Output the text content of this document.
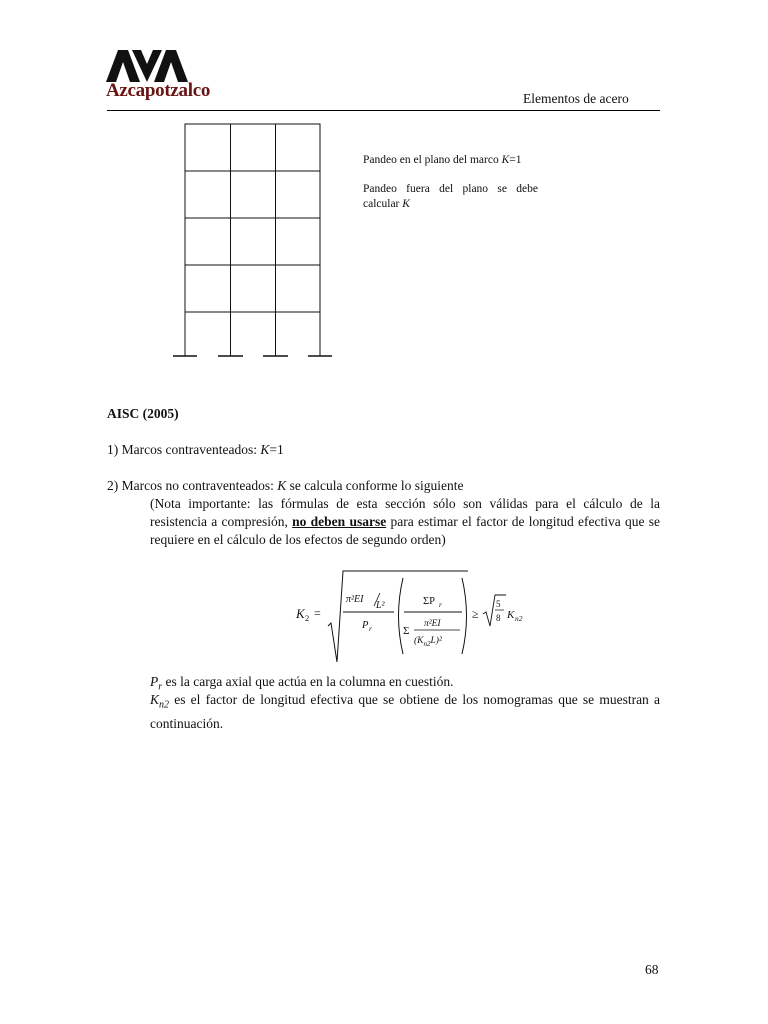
Azcapotzalco	Elementos de acero
Pandeo en el plano del marco K=1
Pandeo fuera del plano se debe calcular K
AISC (2005)
1) Marcos contraventeados: K=1
2) Marcos no contraventeados: K se calcula conforme lo siguiente
(Nota importante: las fórmulas de esta sección sólo son válidas para el cálculo de la resistencia a compresión, no deben usarse para estimar el factor de longitud efectiva que se requiere en el cálculo de los efectos de segundo orden)
K 2 =
π²EI
L²
P r
ΣP r
Σ
π²EI
$(K_{n2}L)^2$
≥
5
8 K n2
$P_r$ es la carga axial que actúa en la columna en cuestión.
$K_{n2}$ es el factor de longitud efectiva que se obtiene de los nomogramas que se muestran a continuación.
68
